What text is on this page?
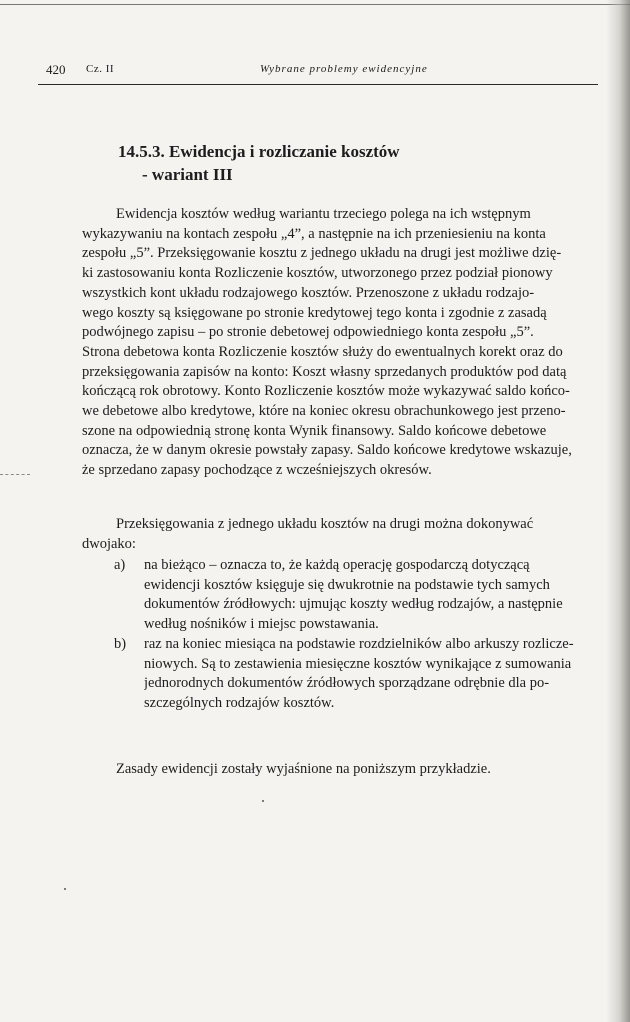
420 Cz. II	Wybrane problemy ewidencyjne
14.5.3. Ewidencja i rozliczanie kosztów
- wariant III
Ewidencja kosztów według wariantu trzeciego polega na ich wstępnym
wykazywaniu na kontach zespołu „4”, a następnie na ich przeniesieniu na konta
zespołu „5”. Przeksięgowanie kosztu z jednego układu na drugi jest możliwe dzię-
ki zastosowaniu konta Rozliczenie kosztów, utworzonego przez podział pionowy
wszystkich kont układu rodzajowego kosztów. Przenoszone z układu rodzajo-
wego koszty są księgowane po stronie kredytowej tego konta i zgodnie z zasadą
podwójnego zapisu – po stronie debetowej odpowiedniego konta zespołu „5”.
Strona debetowa konta Rozliczenie kosztów służy do ewentualnych korekt oraz do
przeksięgowania zapisów na konto: Koszt własny sprzedanych produktów pod datą
kończącą rok obrotowy. Konto Rozliczenie kosztów może wykazywać saldo końco-
we debetowe albo kredytowe, które na koniec okresu obrachunkowego jest przeno-
szone na odpowiednią stronę konta Wynik finansowy. Saldo końcowe debetowe
oznacza, że w danym okresie powstały zapasy. Saldo końcowe kredytowe wskazuje,
że sprzedano zapasy pochodzące z wcześniejszych okresów.
Przeksięgowania z jednego układu kosztów na drugi można dokonywać
dwojako:
a) na bieżąco – oznacza to, że każdą operację gospodarczą dotyczącą
ewidencji kosztów księguje się dwukrotnie na podstawie tych samych
dokumentów źródłowych: ujmując koszty według rodzajów, a następnie
według nośników i miejsc powstawania.
b) raz na koniec miesiąca na podstawie rozdzielników albo arkuszy rozlicze-
niowych. Są to zestawienia miesięczne kosztów wynikające z sumowania
jednorodnych dokumentów źródłowych sporządzane odrębnie dla po-
szczególnych rodzajów kosztów.
Zasady ewidencji zostały wyjaśnione na poniższym przykładzie.
